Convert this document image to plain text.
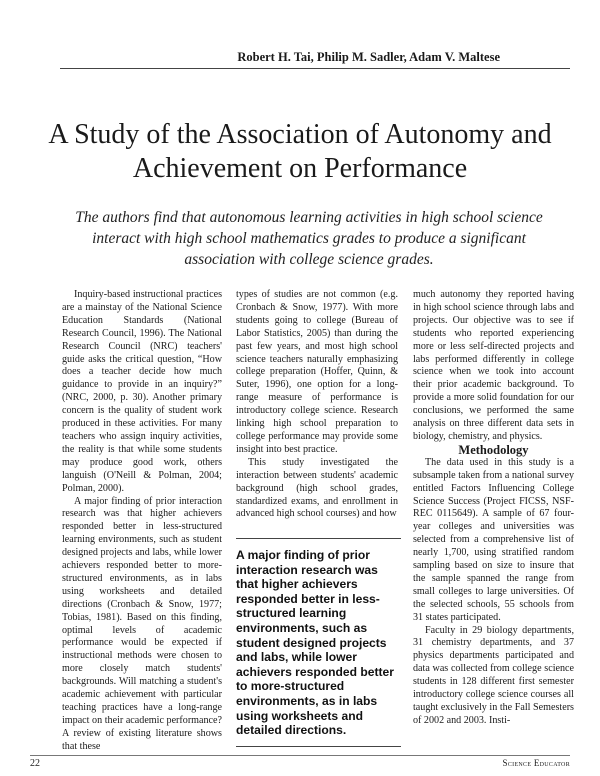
Robert H. Tai, Philip M. Sadler, Adam V. Maltese
A Study of the Association of Autonomy and Achievement on Performance
The authors find that autonomous learning activities in high school science interact with high school mathematics grades to produce a significant association with college science grades.

Inquiry-based instructional practices are a mainstay of the National Science Education Standards (National Research Council, 1996). The National Research Council (NRC) teachers' guide asks the critical question, “How does a teacher decide how much guidance to provide in an inquiry?” (NRC, 2000, p. 30). Another primary concern is the quality of student work produced in these activities. For many teachers who assign inquiry activities, the reality is that while some students may produce good work, others languish (O'Neill & Polman, 2004; Polman, 2000).

A major finding of prior interaction research was that higher achievers responded better in less-structured learning environments, such as student designed projects and labs, while lower achievers responded better to more-structured environments, as in labs using worksheets and detailed directions (Cronbach & Snow, 1977; Tobias, 1981). Based on this finding, optimal levels of academic performance would be expected if instructional methods were chosen to more closely match students' backgrounds. Will matching a student's academic achievement with particular teaching practices have a long-range impact on their academic performance? A review of existing literature shows that these

types of studies are not common (e.g. Cronbach & Snow, 1977). With more students going to college (Bureau of Labor Statistics, 2005) than during the past few years, and most high school science teachers naturally emphasizing college preparation (Hoffer, Quinn, & Suter, 1996), one option for a long-range measure of performance is introductory college science. Research linking high school preparation to college performance may provide some insight into best practice.

This study investigated the interaction between students' academic background (high school grades, standardized exams, and enrollment in advanced high school courses) and how

A major finding of prior interaction research was that higher achievers responded better in less-structured learning environments, such as student designed projects and labs, while lower achievers responded better to more-structured environments, as in labs using worksheets and detailed directions.

much autonomy they reported having in high school science through labs and projects. Our objective was to see if students who reported experiencing more or less self-directed projects and labs performed differently in college science when we took into account their prior academic background. To provide a more solid foundation for our conclusions, we performed the same analysis on three different data sets in biology, chemistry, and physics.

Methodology

The data used in this study is a subsample taken from a national survey entitled Factors Influencing College Science Success (Project FICSS, NSF-REC 0115649). A sample of 67 four-year colleges and universities was selected from a comprehensive list of nearly 1,700, using stratified random sampling based on size to insure that the sample spanned the range from small colleges to large universities. Of the selected schools, 55 schools from 31 states participated.

Faculty in 29 biology departments, 31 chemistry departments, and 37 physics departments participated and data was collected from college science students in 128 different first semester introductory college science courses all taught exclusively in the Fall Semesters of 2002 and 2003. Insti-

22	Science Educator
